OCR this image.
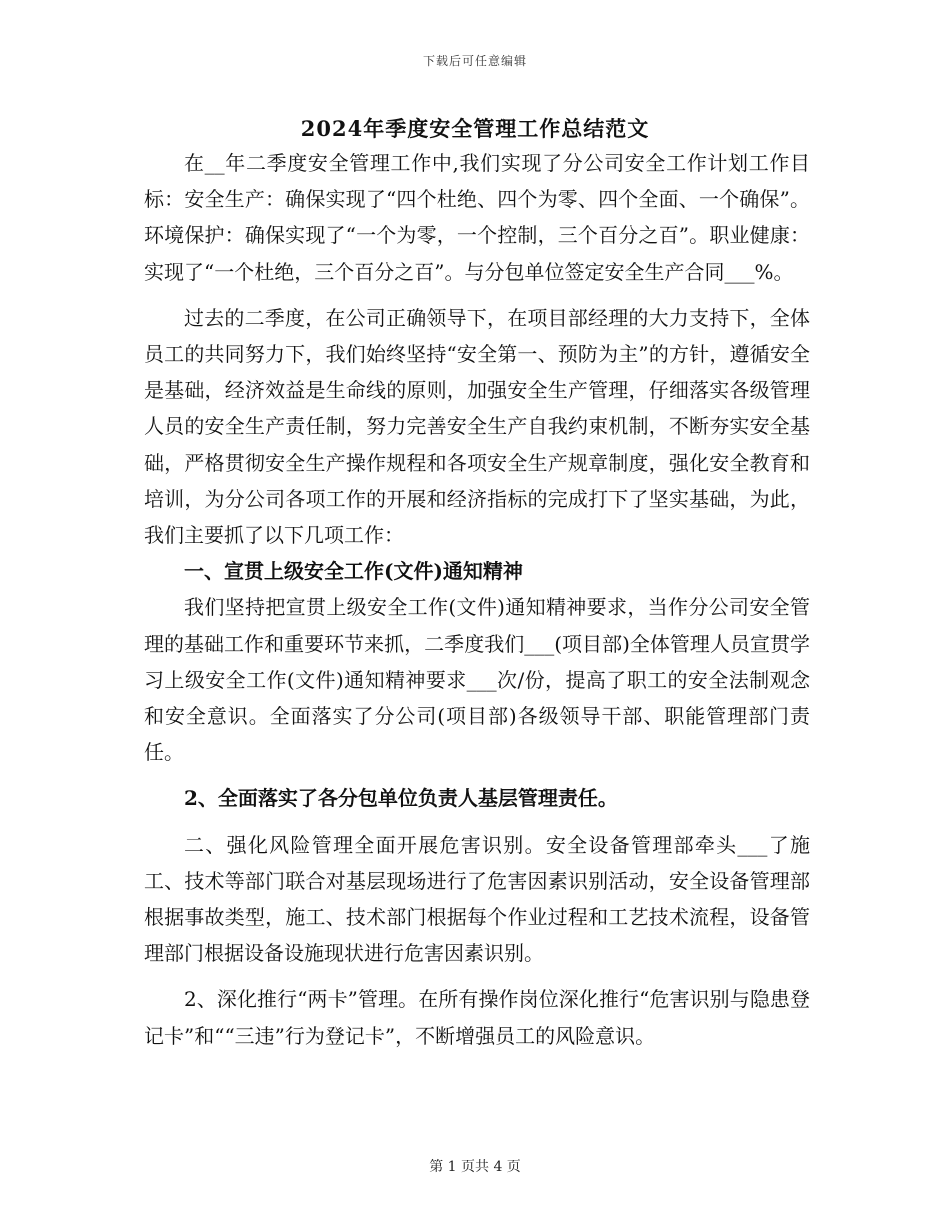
下载后可任意编辑
2024年季度安全管理工作总结范文

在__年二季度安全管理工作中,我们实现了分公司安全工作计划工作目标：安全生产：确保实现了“四个杜绝、四个为零、四个全面、一个确保”。环境保护：确保实现了“一个为零，一个控制，三个百分之百”。职业健康：实现了“一个杜绝，三个百分之百”。与分包单位签定安全生产合同___%。

过去的二季度，在公司正确领导下，在项目部经理的大力支持下，全体员工的共同努力下，我们始终坚持“安全第一、预防为主”的方针，遵循安全是基础，经济效益是生命线的原则，加强安全生产管理，仔细落实各级管理人员的安全生产责任制，努力完善安全生产自我约束机制，不断夯实安全基础，严格贯彻安全生产操作规程和各项安全生产规章制度，强化安全教育和培训，为分公司各项工作的开展和经济指标的完成打下了坚实基础，为此，我们主要抓了以下几项工作：

一、宣贯上级安全工作(文件)通知精神

我们坚持把宣贯上级安全工作(文件)通知精神要求，当作分公司安全管理的基础工作和重要环节来抓，二季度我们___(项目部)全体管理人员宣贯学习上级安全工作(文件)通知精神要求___次/份，提高了职工的安全法制观念和安全意识。全面落实了分公司(项目部)各级领导干部、职能管理部门责任。

2、全面落实了各分包单位负责人基层管理责任。

二、强化风险管理全面开展危害识别。安全设备管理部牵头___了施工、技术等部门联合对基层现场进行了危害因素识别活动，安全设备管理部根据事故类型，施工、技术部门根据每个作业过程和工艺技术流程，设备管理部门根据设备设施现状进行危害因素识别。

2、深化推行“两卡”管理。在所有操作岗位深化推行“危害识别与隐患登记卡”和““三违”行为登记卡”，不断增强员工的风险意识。

第 1 页共 4 页
